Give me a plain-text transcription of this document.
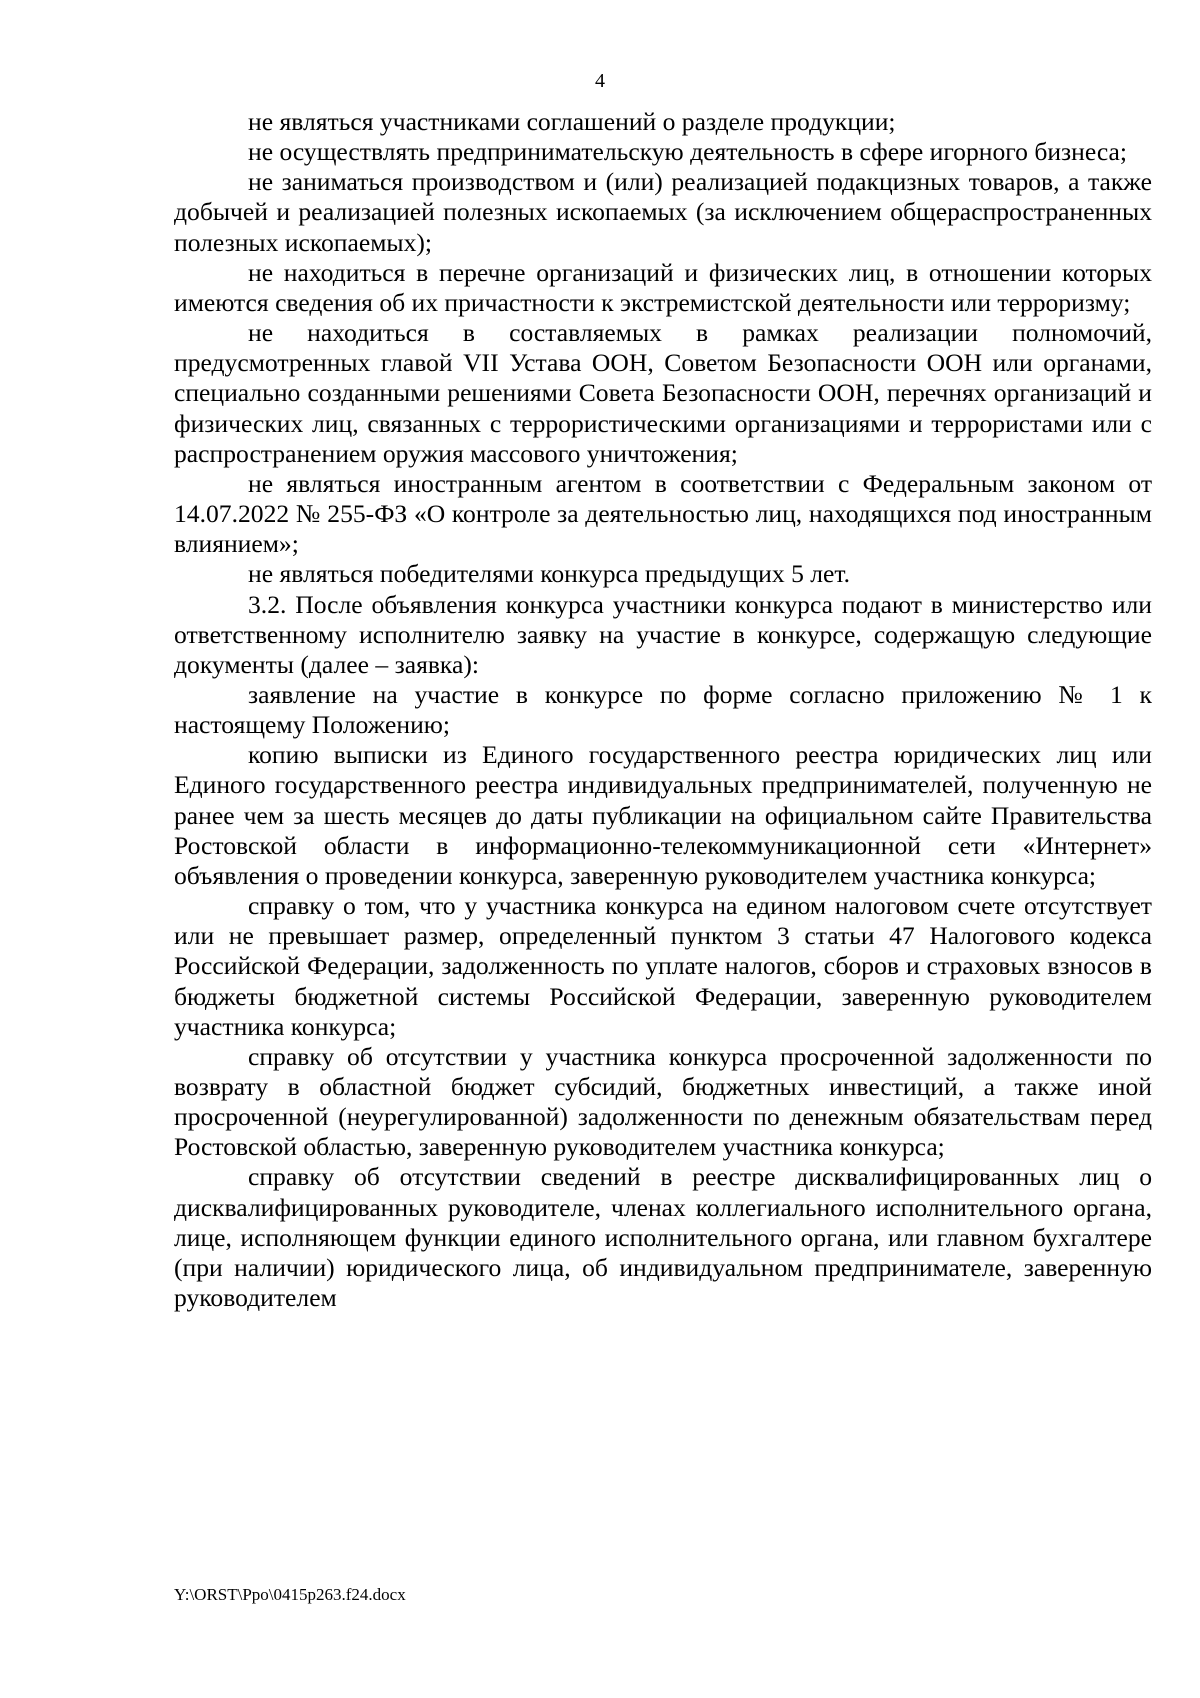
4

не являться участниками соглашений о разделе продукции;

не осуществлять предпринимательскую деятельность в сфере игорного бизнеса;

не заниматься производством и (или) реализацией подакцизных товаров, а также добычей и реализацией полезных ископаемых (за исключением общераспространенных полезных ископаемых);

не находиться в перечне организаций и физических лиц, в отношении которых имеются сведения об их причастности к экстремистской деятельности или терроризму;

не находиться в составляемых в рамках реализации полномочий, предусмотренных главой VII Устава ООН, Советом Безопасности ООН или органами, специально созданными решениями Совета Безопасности ООН, перечнях организаций и физических лиц, связанных с террористическими организациями и террористами или с распространением оружия массового уничтожения;

не являться иностранным агентом в соответствии с Федеральным законом от 14.07.2022 № 255-ФЗ «О контроле за деятельностью лиц, находящихся под иностранным влиянием»;

не являться победителями конкурса предыдущих 5 лет.

3.2. После объявления конкурса участники конкурса подают в министерство или ответственному исполнителю заявку на участие в конкурсе, содержащую следующие документы (далее – заявка):

заявление на участие в конкурсе по форме согласно приложению № 1 к настоящему Положению;

копию выписки из Единого государственного реестра юридических лиц или Единого государственного реестра индивидуальных предпринимателей, полученную не ранее чем за шесть месяцев до даты публикации на официальном сайте Правительства Ростовской области в информационно-телекоммуникационной сети «Интернет» объявления о проведении конкурса, заверенную руководителем участника конкурса;

справку о том, что у участника конкурса на едином налоговом счете отсутствует или не превышает размер, определенный пунктом 3 статьи 47 Налогового кодекса Российской Федерации, задолженность по уплате налогов, сборов и страховых взносов в бюджеты бюджетной системы Российской Федерации, заверенную руководителем участника конкурса;

справку об отсутствии у участника конкурса просроченной задолженности по возврату в областной бюджет субсидий, бюджетных инвестиций, а также иной просроченной (неурегулированной) задолженности по денежным обязательствам перед Ростовской областью, заверенную руководителем участника конкурса;

справку об отсутствии сведений в реестре дисквалифицированных лиц о дисквалифицированных руководителе, членах коллегиального исполнительного органа, лице, исполняющем функции единого исполнительного органа, или главном бухгалтере (при наличии) юридического лица, об индивидуальном предпринимателе, заверенную руководителем

Y:\ORST\Ppo\0415p263.f24.docx
